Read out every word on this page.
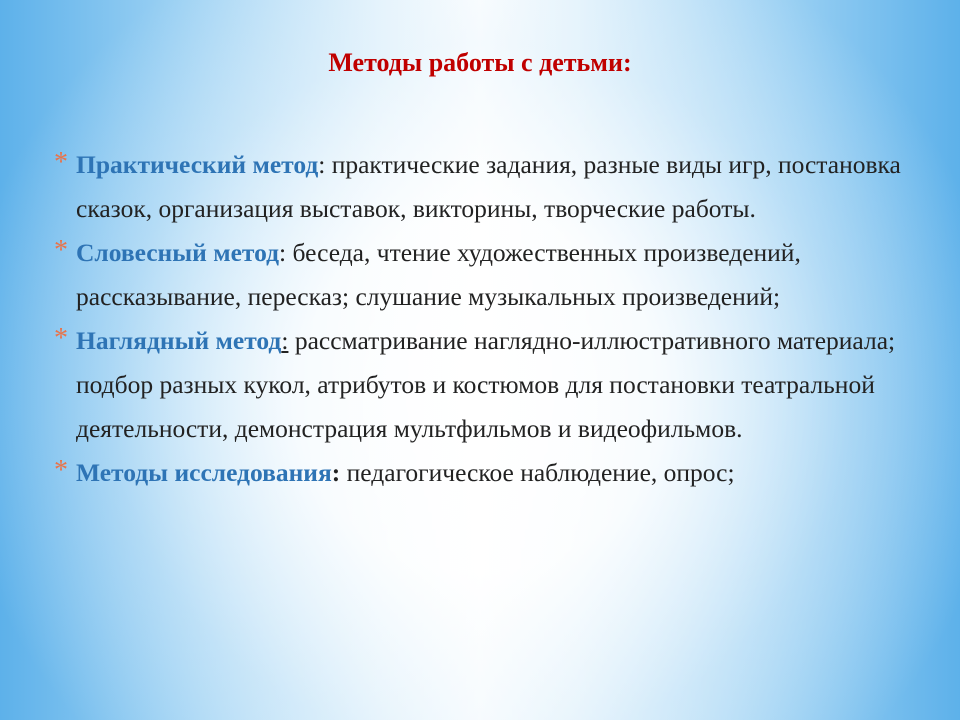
Методы работы с детьми:
* Практический метод: практические задания, разные виды игр, постановка сказок, организация выставок, викторины, творческие работы.
* Словесный метод: беседа, чтение художественных произведений, рассказывание, пересказ; слушание музыкальных произведений;
* Наглядный метод: рассматривание наглядно-иллюстративного материала; подбор разных кукол, атрибутов и костюмов для постановки театральной деятельности, демонстрация мультфильмов и видеофильмов.
* Методы исследования: педагогическое наблюдение, опрос;
